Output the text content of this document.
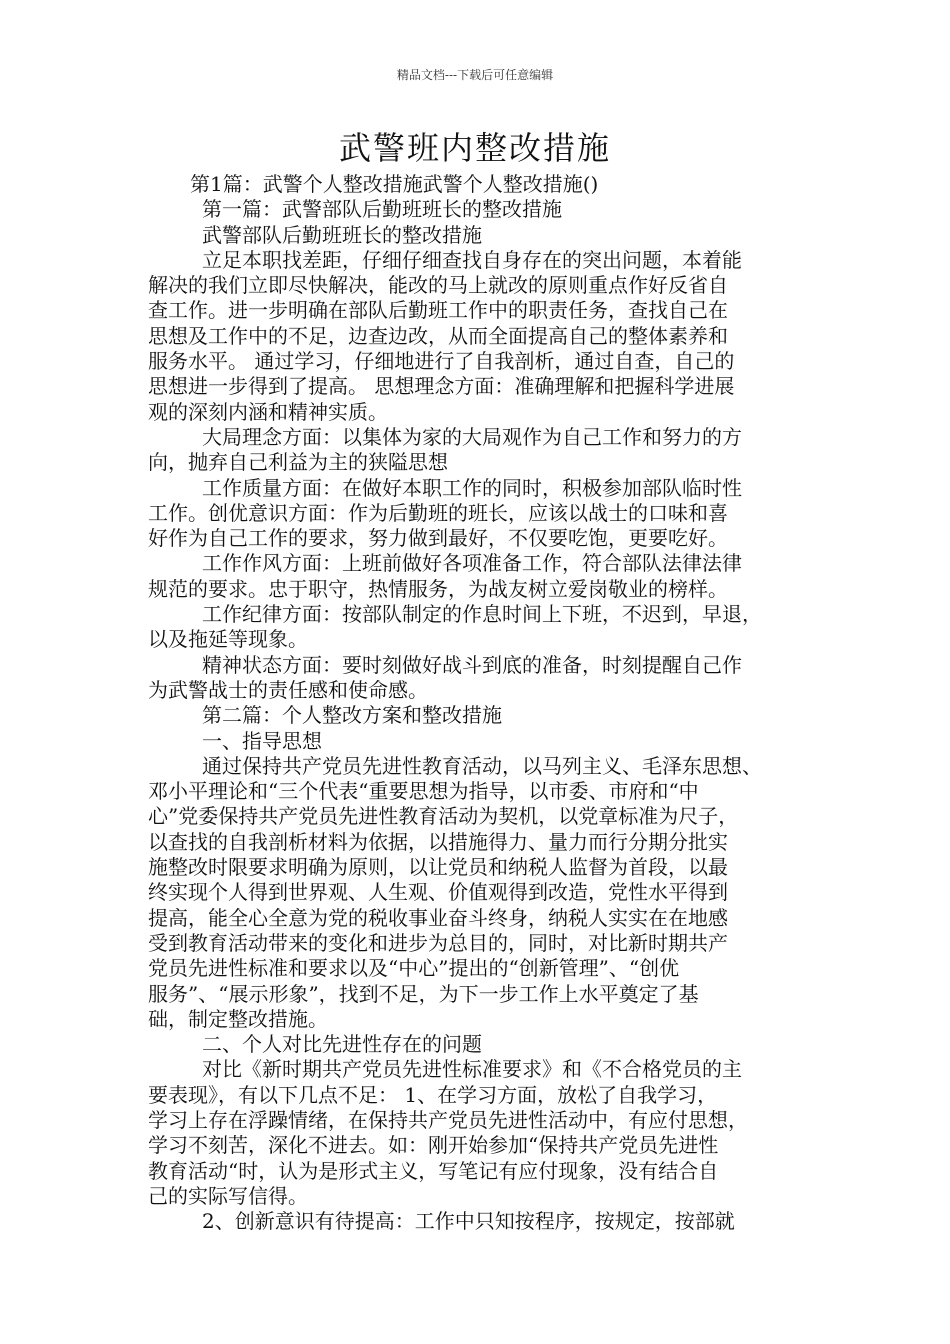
精品文档---下载后可任意编辑
武警班内整改措施
第1篇：武警个人整改措施武警个人整改措施()
第一篇：武警部队后勤班班长的整改措施
武警部队后勤班班长的整改措施
立足本职找差距，仔细仔细查找自身存在的突出问题，本着能
解决的我们立即尽快解决，能改的马上就改的原则重点作好反省自
查工作。进一步明确在部队后勤班工作中的职责任务，查找自己在
思想及工作中的不足，边查边改，从而全面提高自己的整体素养和
服务水平。 通过学习，仔细地进行了自我剖析，通过自查，自己的
思想进一步得到了提高。 思想理念方面：准确理解和把握科学进展
观的深刻内涵和精神实质。
大局理念方面：以集体为家的大局观作为自己工作和努力的方
向，抛弃自己利益为主的狭隘思想
工作质量方面：在做好本职工作的同时，积极参加部队临时性
工作。创优意识方面：作为后勤班的班长，应该以战士的口味和喜
好作为自己工作的要求，努力做到最好，不仅要吃饱，更要吃好。
工作作风方面：上班前做好各项准备工作，符合部队法律法律
规范的要求。忠于职守，热情服务，为战友树立爱岗敬业的榜样。
工作纪律方面：按部队制定的作息时间上下班，不迟到，早退，
以及拖延等现象。
精神状态方面：要时刻做好战斗到底的准备，时刻提醒自己作
为武警战士的责任感和使命感。
第二篇：个人整改方案和整改措施
一、指导思想
通过保持共产党员先进性教育活动，以马列主义、毛泽东思想、
邓小平理论和“三个代表“重要思想为指导，以市委、市府和“中
心”党委保持共产党员先进性教育活动为契机，以党章标准为尺子，
以查找的自我剖析材料为依据，以措施得力、量力而行分期分批实
施整改时限要求明确为原则，以让党员和纳税人监督为首段，以最
终实现个人得到世界观、人生观、价值观得到改造，党性水平得到
提高，能全心全意为党的税收事业奋斗终身，纳税人实实在在地感
受到教育活动带来的变化和进步为总目的，同时，对比新时期共产
党员先进性标准和要求以及“中心”提出的“创新管理”、“创优
服务”、“展示形象”，找到不足，为下一步工作上水平奠定了基
础，制定整改措施。
二、个人对比先进性存在的问题
对比《新时期共产党员先进性标准要求》和《不合格党员的主
要表现》，有以下几点不足： 1、在学习方面，放松了自我学习，
学习上存在浮躁情绪，在保持共产党员先进性活动中，有应付思想，
学习不刻苦，深化不进去。如：刚开始参加“保持共产党员先进性
教育活动“时，认为是形式主义，写笔记有应付现象，没有结合自
己的实际写信得。
2、创新意识有待提高：工作中只知按程序，按规定，按部就
